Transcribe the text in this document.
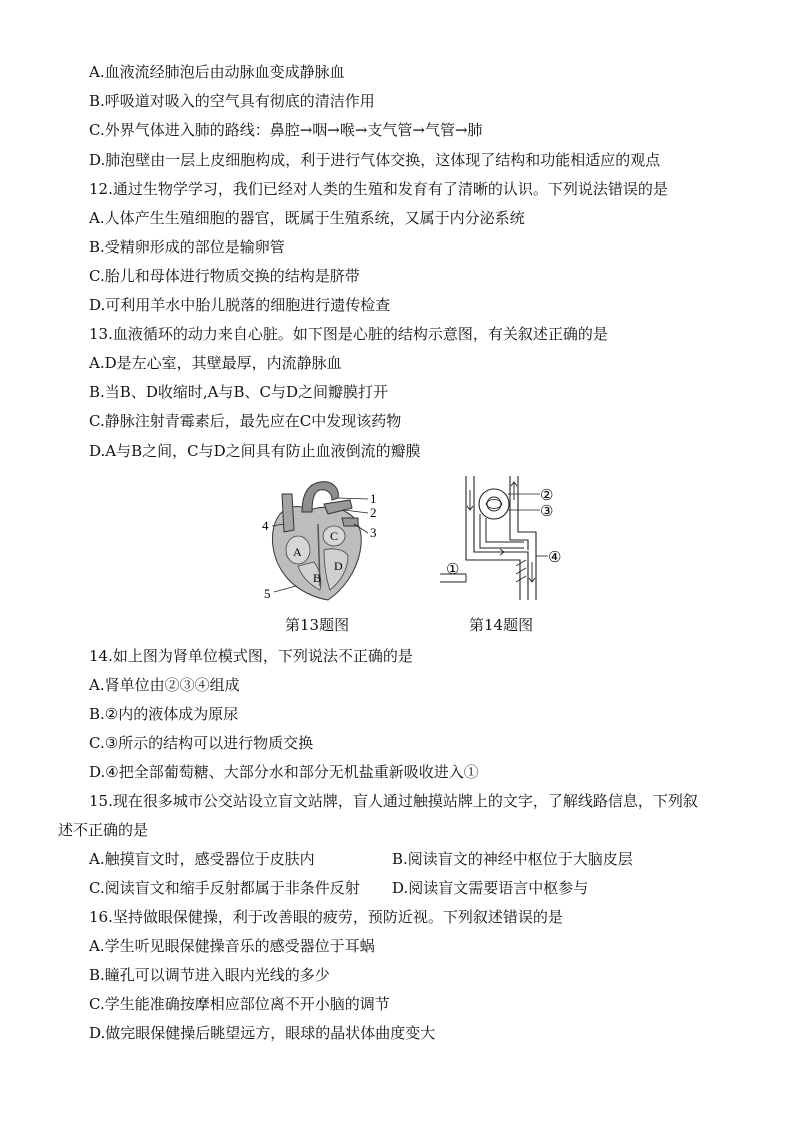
A.血液流经肺泡后由动脉血变成静脉血
B.呼吸道对吸入的空气具有彻底的清洁作用
C.外界气体进入肺的路线：鼻腔→咽→喉→支气管→气管→肺
D.肺泡壁由一层上皮细胞构成，利于进行气体交换，这体现了结构和功能相适应的观点
12.通过生物学学习，我们已经对人类的生殖和发育有了清晰的认识。下列说法错误的是
A.人体产生生殖细胞的器官，既属于生殖系统，又属于内分泌系统
B.受精卵形成的部位是输卵管
C.胎儿和母体进行物质交换的结构是脐带
D.可利用羊水中胎儿脱落的细胞进行遗传检查
13.血液循环的动力来自心脏。如下图是心脏的结构示意图，有关叙述正确的是
A.D是左心室，其壁最厚，内流静脉血
B.当B、D收缩时,A与B、C与D之间瓣膜打开
C.静脉注射青霉素后，最先应在C中发现该药物
D.A与B之间，C与D之间具有防止血液倒流的瓣膜
1
2
3
4
5
A
B
C
D
第13题图
①
②
③
④
第14题图
14.如上图为肾单位模式图，下列说法不正确的是
A.肾单位由②③④组成
B.②内的液体成为原尿
C.③所示的结构可以进行物质交换
D.④把全部葡萄糖、大部分水和部分无机盐重新吸收进入①
15.现在很多城市公交站设立盲文站牌，盲人通过触摸站牌上的文字，了解线路信息，下列叙
述不正确的是
A.触摸盲文时，感受器位于皮肤内	B.阅读盲文的神经中枢位于大脑皮层
C.阅读盲文和缩手反射都属于非条件反射 D.阅读盲文需要语言中枢参与
16.坚持做眼保健操，利于改善眼的疲劳，预防近视。下列叙述错误的是
A.学生听见眼保健操音乐的感受器位于耳蜗
B.瞳孔可以调节进入眼内光线的多少
C.学生能准确按摩相应部位离不开小脑的调节
D.做完眼保健操后眺望远方，眼球的晶状体曲度变大
